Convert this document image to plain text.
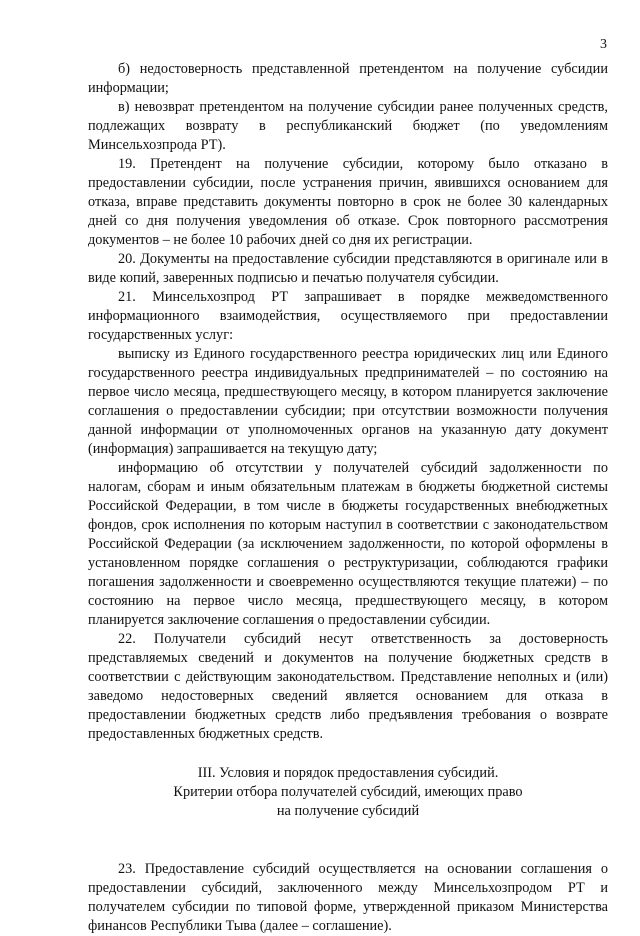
3

б) недостоверность представленной претендентом на получение субсидии информации;

в) невозврат претендентом на получение субсидии ранее полученных средств, подлежащих возврату в республиканский бюджет (по уведомлениям Минсельхозпрода РТ).

19. Претендент на получение субсидии, которому было отказано в предоставлении субсидии, после устранения причин, явившихся основанием для отказа, вправе представить документы повторно в срок не более 30 календарных дней со дня получения уведомления об отказе. Срок повторного рассмотрения документов – не более 10 рабочих дней со дня их регистрации.

20. Документы на предоставление субсидии представляются в оригинале или в виде копий, заверенных подписью и печатью получателя субсидии.

21. Минсельхозпрод РТ запрашивает в порядке межведомственного информационного взаимодействия, осуществляемого при предоставлении государственных услуг:

выписку из Единого государственного реестра юридических лиц или Единого государственного реестра индивидуальных предпринимателей – по состоянию на первое число месяца, предшествующего месяцу, в котором планируется заключение соглашения о предоставлении субсидии; при отсутствии возможности получения данной информации от уполномоченных органов на указанную дату документ (информация) запрашивается на текущую дату;

информацию об отсутствии у получателей субсидий задолженности по налогам, сборам и иным обязательным платежам в бюджеты бюджетной системы Российской Федерации, в том числе в бюджеты государственных внебюджетных фондов, срок исполнения по которым наступил в соответствии с законодательством Российской Федерации (за исключением задолженности, по которой оформлены в установленном порядке соглашения о реструктуризации, соблюдаются графики погашения задолженности и своевременно осуществляются текущие платежи) – по состоянию на первое число месяца, предшествующего месяцу, в котором планируется заключение соглашения о предоставлении субсидии.

22. Получатели субсидий несут ответственность за достоверность представляемых сведений и документов на получение бюджетных средств в соответствии с действующим законодательством. Представление неполных и (или) заведомо недостоверных сведений является основанием для отказа в предоставлении бюджетных средств либо предъявления требования о возврате предоставленных бюджетных средств.

III. Условия и порядок предоставления субсидий.

Критерии отбора получателей субсидий, имеющих право

на получение субсидий

23. Предоставление субсидий осуществляется на основании соглашения о предоставлении субсидий, заключенного между Минсельхозпродом РТ и получателем субсидии по типовой форме, утвержденной приказом Министерства финансов Республики Тыва (далее – соглашение).
